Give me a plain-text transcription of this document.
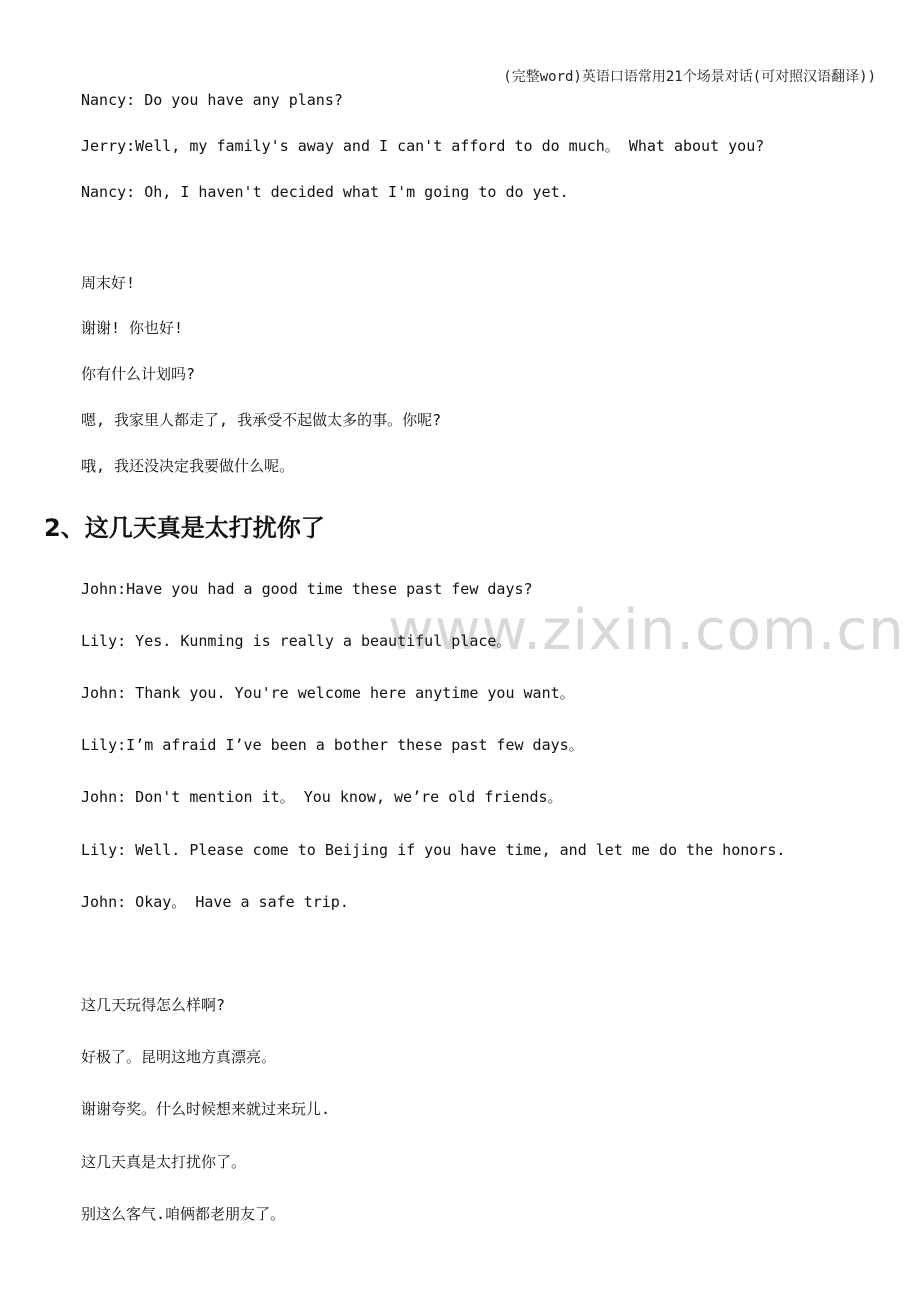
(完整word)英语口语常用21个场景对话(可对照汉语翻译))
www.zixin.com.cn
Nancy: Do you have any plans?
Jerry:Well, my family's away and I can't afford to do much。 What about you?
Nancy: Oh, I haven't decided what I'm going to do yet.
周末好!
谢谢! 你也好!
你有什么计划吗?
嗯, 我家里人都走了, 我承受不起做太多的事。你呢?
哦, 我还没决定我要做什么呢。
2、这几天真是太打扰你了
John:Have you had a good time these past few days?
Lily: Yes. Kunming is really a beautiful place。
John: Thank you. You're welcome here anytime you want。
Lily:I’m afraid I’ve been a bother these past few days。
John: Don't mention it。 You know, we’re old friends。
Lily: Well. Please come to Beijing if you have time, and let me do the honors.
John: Okay。 Have a safe trip.
这几天玩得怎么样啊?
好极了。昆明这地方真漂亮。
谢谢夸奖。什么时候想来就过来玩儿.
这几天真是太打扰你了。
别这么客气.咱俩都老朋友了。
